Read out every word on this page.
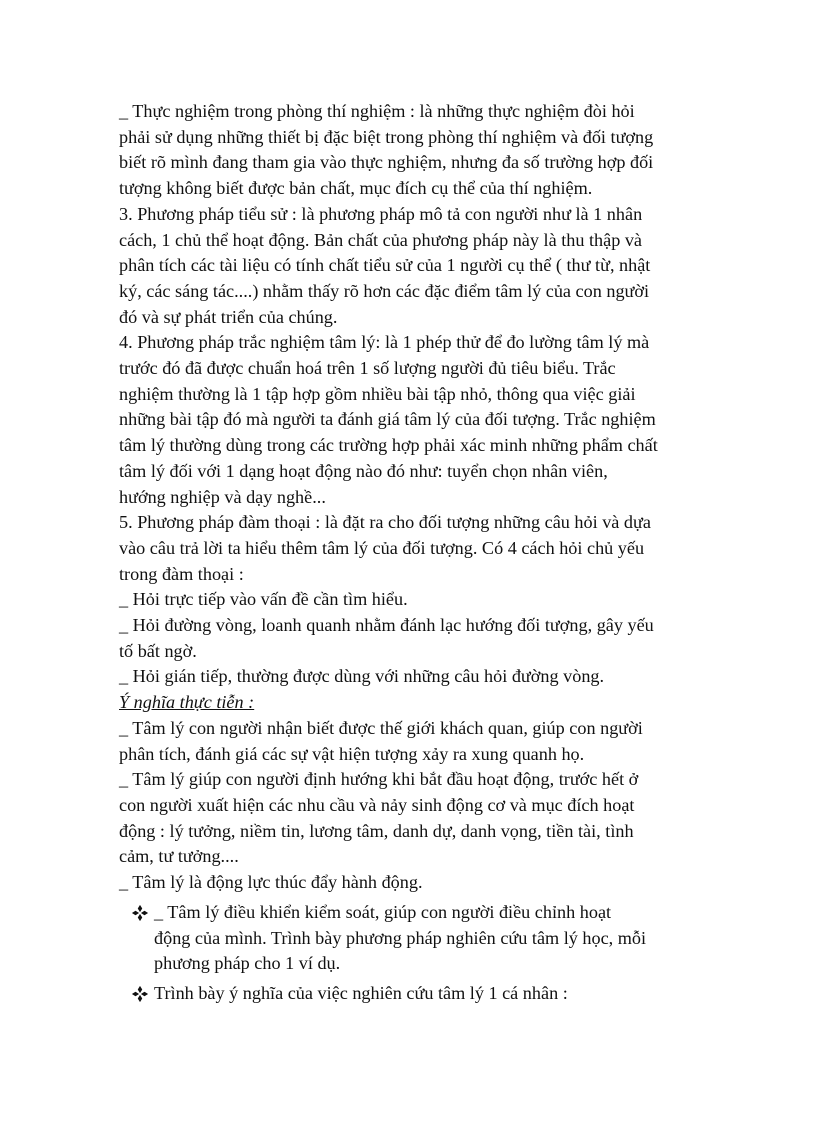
_ Thực nghiệm trong phòng thí nghiệm : là những thực nghiệm đòi hỏi
phải sử dụng những thiết bị đặc biệt trong phòng thí nghiệm và đối tượng
biết rõ mình đang tham gia vào thực nghiệm, nhưng đa số trường hợp đối
tượng không biết được bản chất, mục đích cụ thể của thí nghiệm.
3. Phương pháp tiểu sử : là phương pháp mô tả con người như là 1 nhân
cách, 1 chủ thể hoạt động. Bản chất của phương pháp này là thu thập và
phân tích các tài liệu có tính chất tiểu sử của 1 người cụ thể ( thư từ, nhật
ký, các sáng tác....) nhằm thấy rõ hơn các đặc điểm tâm lý của con người
đó và sự phát triển của chúng.
4. Phương pháp trắc nghiệm tâm lý: là 1 phép thử để đo lường tâm lý mà
trước đó đã được chuẩn hoá trên 1 số lượng người đủ tiêu biểu. Trắc
nghiệm thường là 1 tập hợp gồm nhiều bài tập nhỏ, thông qua việc giải
những bài tập đó mà người ta đánh giá tâm lý của đối tượng. Trắc nghiệm
tâm lý thường dùng trong các trường hợp phải xác minh những phẩm chất
tâm lý đối với 1 dạng hoạt động nào đó như: tuyển chọn nhân viên,
hướng nghiệp và dạy nghề...
5. Phương pháp đàm thoại : là đặt ra cho đối tượng những câu hỏi và dựa
vào câu trả lời ta hiểu thêm tâm lý của đối tượng. Có 4 cách hỏi chủ yếu
trong đàm thoại :
_ Hỏi trực tiếp vào vấn đề cần tìm hiểu.
_ Hỏi đường vòng, loanh quanh nhằm đánh lạc hướng đối tượng, gây yếu
tố bất ngờ.
_ Hỏi gián tiếp, thường được dùng với những câu hỏi đường vòng.
Ý nghĩa thực tiễn :
_ Tâm lý con người nhận biết được thế giới khách quan, giúp con người
phân tích, đánh giá các sự vật hiện tượng xảy ra xung quanh họ.
_ Tâm lý giúp con người định hướng khi bắt đầu hoạt động, trước hết ở
con người xuất hiện các nhu cầu và nảy sinh động cơ và mục đích hoạt
động : lý tưởng, niềm tin, lương tâm, danh dự, danh vọng, tiền tài, tình
cảm, tư tưởng....
_ Tâm lý là động lực thúc đẩy hành động.
_ Tâm lý điều khiển kiểm soát, giúp con người điều chỉnh hoạt
động của mình. Trình bày phương pháp nghiên cứu tâm lý học, mỗi
phương pháp cho 1 ví dụ.
Trình bày ý nghĩa của việc nghiên cứu tâm lý 1 cá nhân :
